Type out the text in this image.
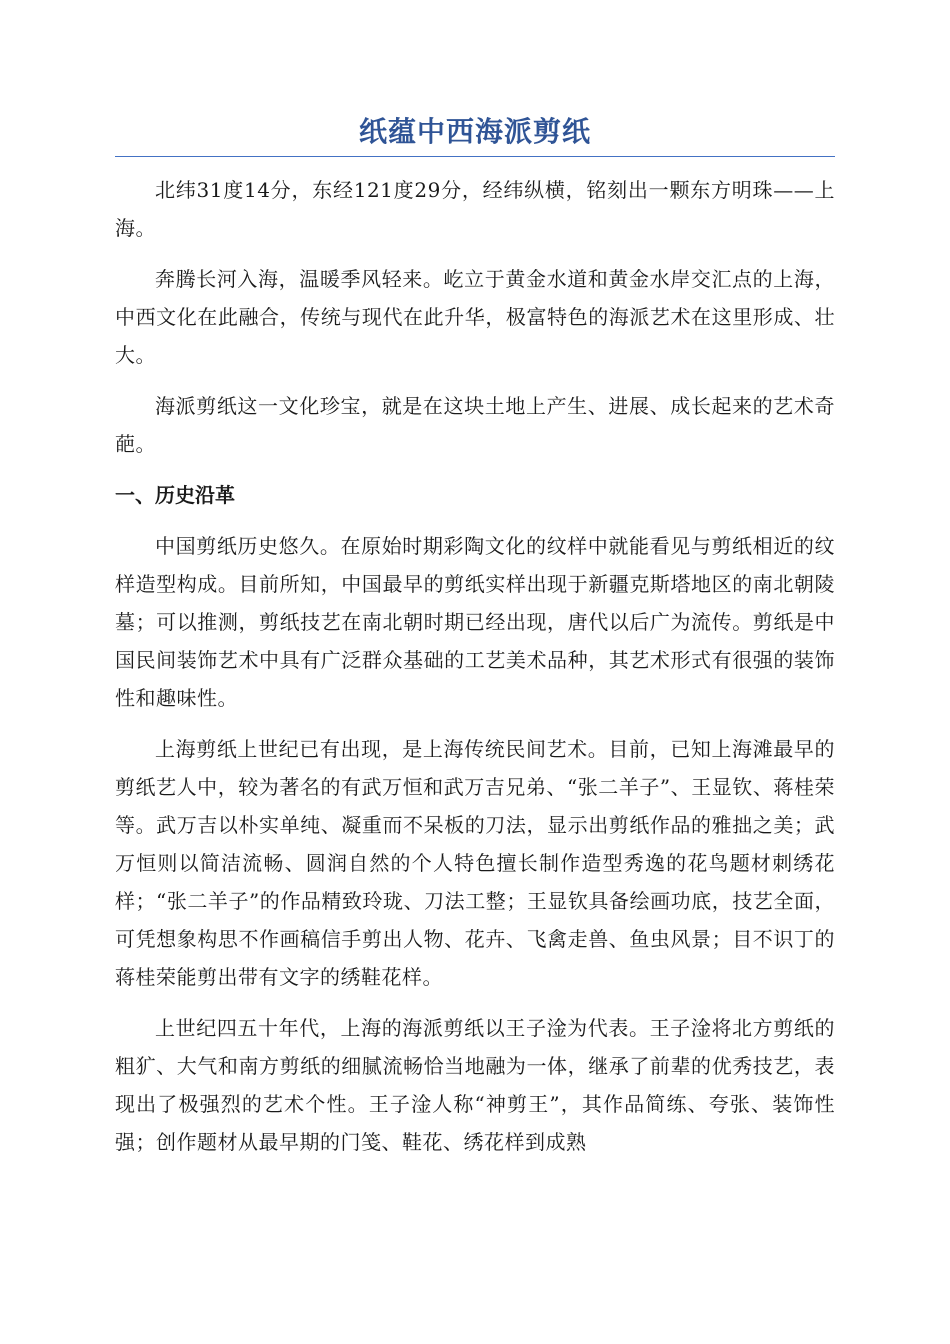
纸蕴中西海派剪纸

北纬31度14分，东经121度29分，经纬纵横，铭刻出一颗东方明珠——上海。

奔腾长河入海，温暖季风轻来。屹立于黄金水道和黄金水岸交汇点的上海，中西文化在此融合，传统与现代在此升华，极富特色的海派艺术在这里形成、壮大。

海派剪纸这一文化珍宝，就是在这块土地上产生、进展、成长起来的艺术奇葩。

一、历史沿革

中国剪纸历史悠久。在原始时期彩陶文化的纹样中就能看见与剪纸相近的纹样造型构成。目前所知，中国最早的剪纸实样出现于新疆克斯塔地区的南北朝陵墓；可以推测，剪纸技艺在南北朝时期已经出现，唐代以后广为流传。剪纸是中国民间装饰艺术中具有广泛群众基础的工艺美术品种，其艺术形式有很强的装饰性和趣味性。

上海剪纸上世纪已有出现，是上海传统民间艺术。目前，已知上海滩最早的剪纸艺人中，较为著名的有武万恒和武万吉兄弟、“张二羊子”、王显钦、蒋桂荣等。武万吉以朴实单纯、凝重而不呆板的刀法，显示出剪纸作品的雅拙之美；武万恒则以简洁流畅、圆润自然的个人特色擅长制作造型秀逸的花鸟题材刺绣花样；“张二羊子”的作品精致玲珑、刀法工整；王显钦具备绘画功底，技艺全面，可凭想象构思不作画稿信手剪出人物、花卉、飞禽走兽、鱼虫风景；目不识丁的蒋桂荣能剪出带有文字的绣鞋花样。

上世纪四五十年代，上海的海派剪纸以王子淦为代表。王子淦将北方剪纸的粗犷、大气和南方剪纸的细腻流畅恰当地融为一体，继承了前辈的优秀技艺，表现出了极强烈的艺术个性。王子淦人称“神剪王”，其作品简练、夸张、装饰性强；创作题材从最早期的门笺、鞋花、绣花样到成熟
